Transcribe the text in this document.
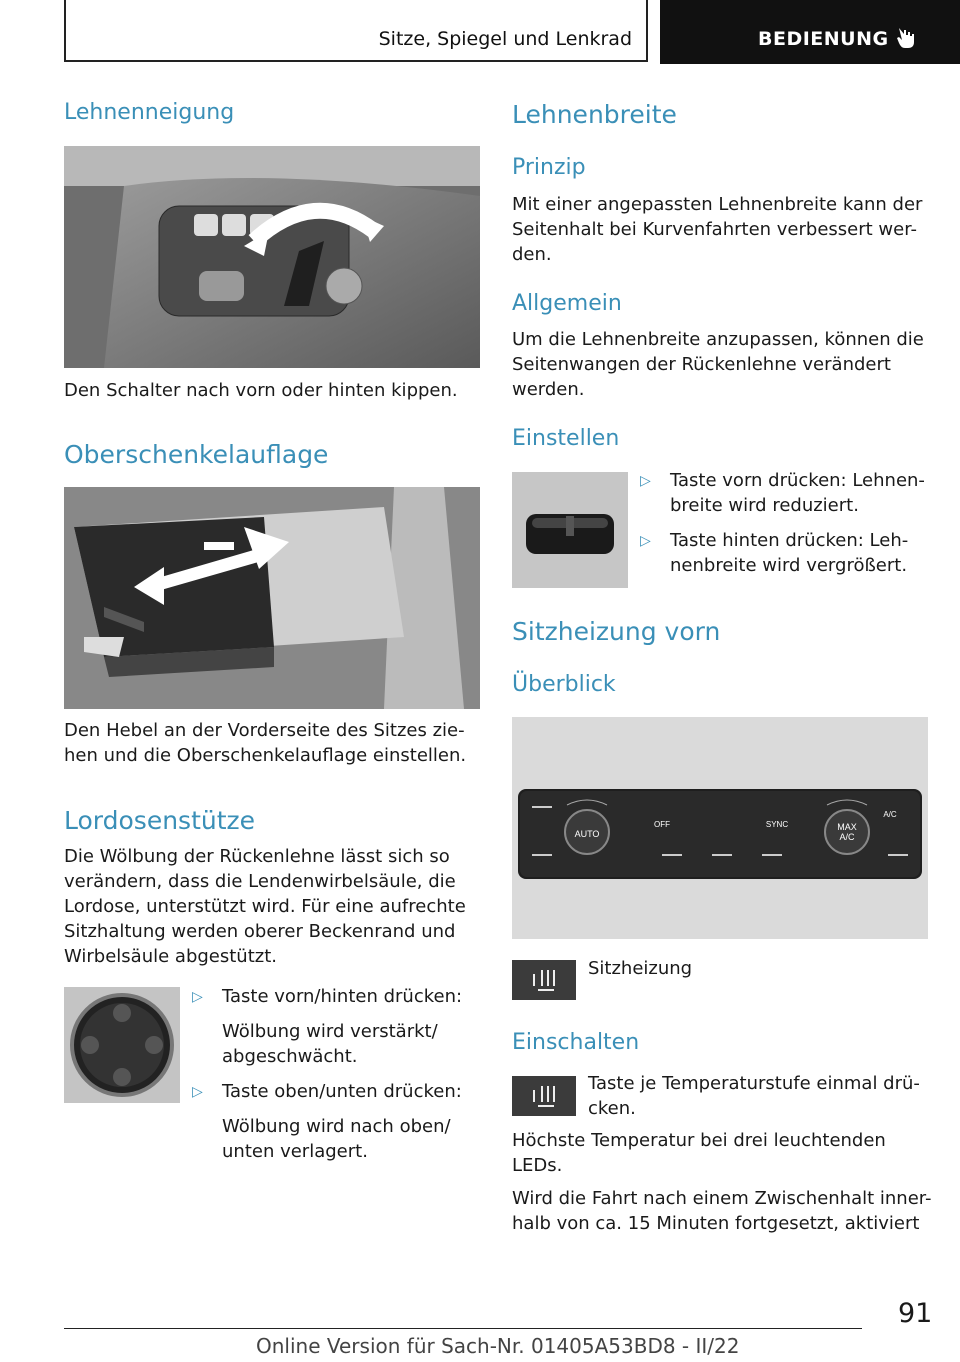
Sitze, Spiegel und Lenkrad	BEDIENUNG
Lehnenneigung

Den Schalter nach vorn oder hinten kippen.

Oberschenkelauflage

Den Hebel an der Vorderseite des Sitzes zie-

hen und die Oberschenkelauflage einstellen.

Lordosenstütze

Die Wölbung der Rückenlehne lässt sich so

verändern, dass die Lendenwirbelsäule, die

Lordose, unterstützt wird. Für eine aufrechte

Sitzhaltung werden oberer Beckenrand und

Wirbelsäule abgestützt.

▷ Taste vorn/hinten drücken:
Wölbung wird verstärkt/
abgeschwächt.
▷ Taste oben/unten drücken:
Wölbung wird nach oben/
unten verlagert.
Lehnenbreite
Prinzip

Mit einer angepassten Lehnenbreite kann der

Seitenhalt bei Kurvenfahrten verbessert wer-

den.

Allgemein

Um die Lehnenbreite anzupassen, können die

Seitenwangen der Rückenlehne verändert

werden.

Einstellen
▷ Taste vorn drücken: Lehnen-
breite wird reduziert.
▷ Taste hinten drücken: Leh-
nenbreite wird vergrößert.
Sitzheizung vorn
Überblick
AUTO
MAX
A/C
OFF	SYNC
A/C

Sitzheizung

Einschalten

Taste je Temperaturstufe einmal drü-

cken.

Höchste Temperatur bei drei leuchtenden

LEDs.

Wird die Fahrt nach einem Zwischenhalt inner-

halb von ca. 15 Minuten fortgesetzt, aktiviert

91
Online Version für Sach-Nr. 01405A53BD8 - II/22
